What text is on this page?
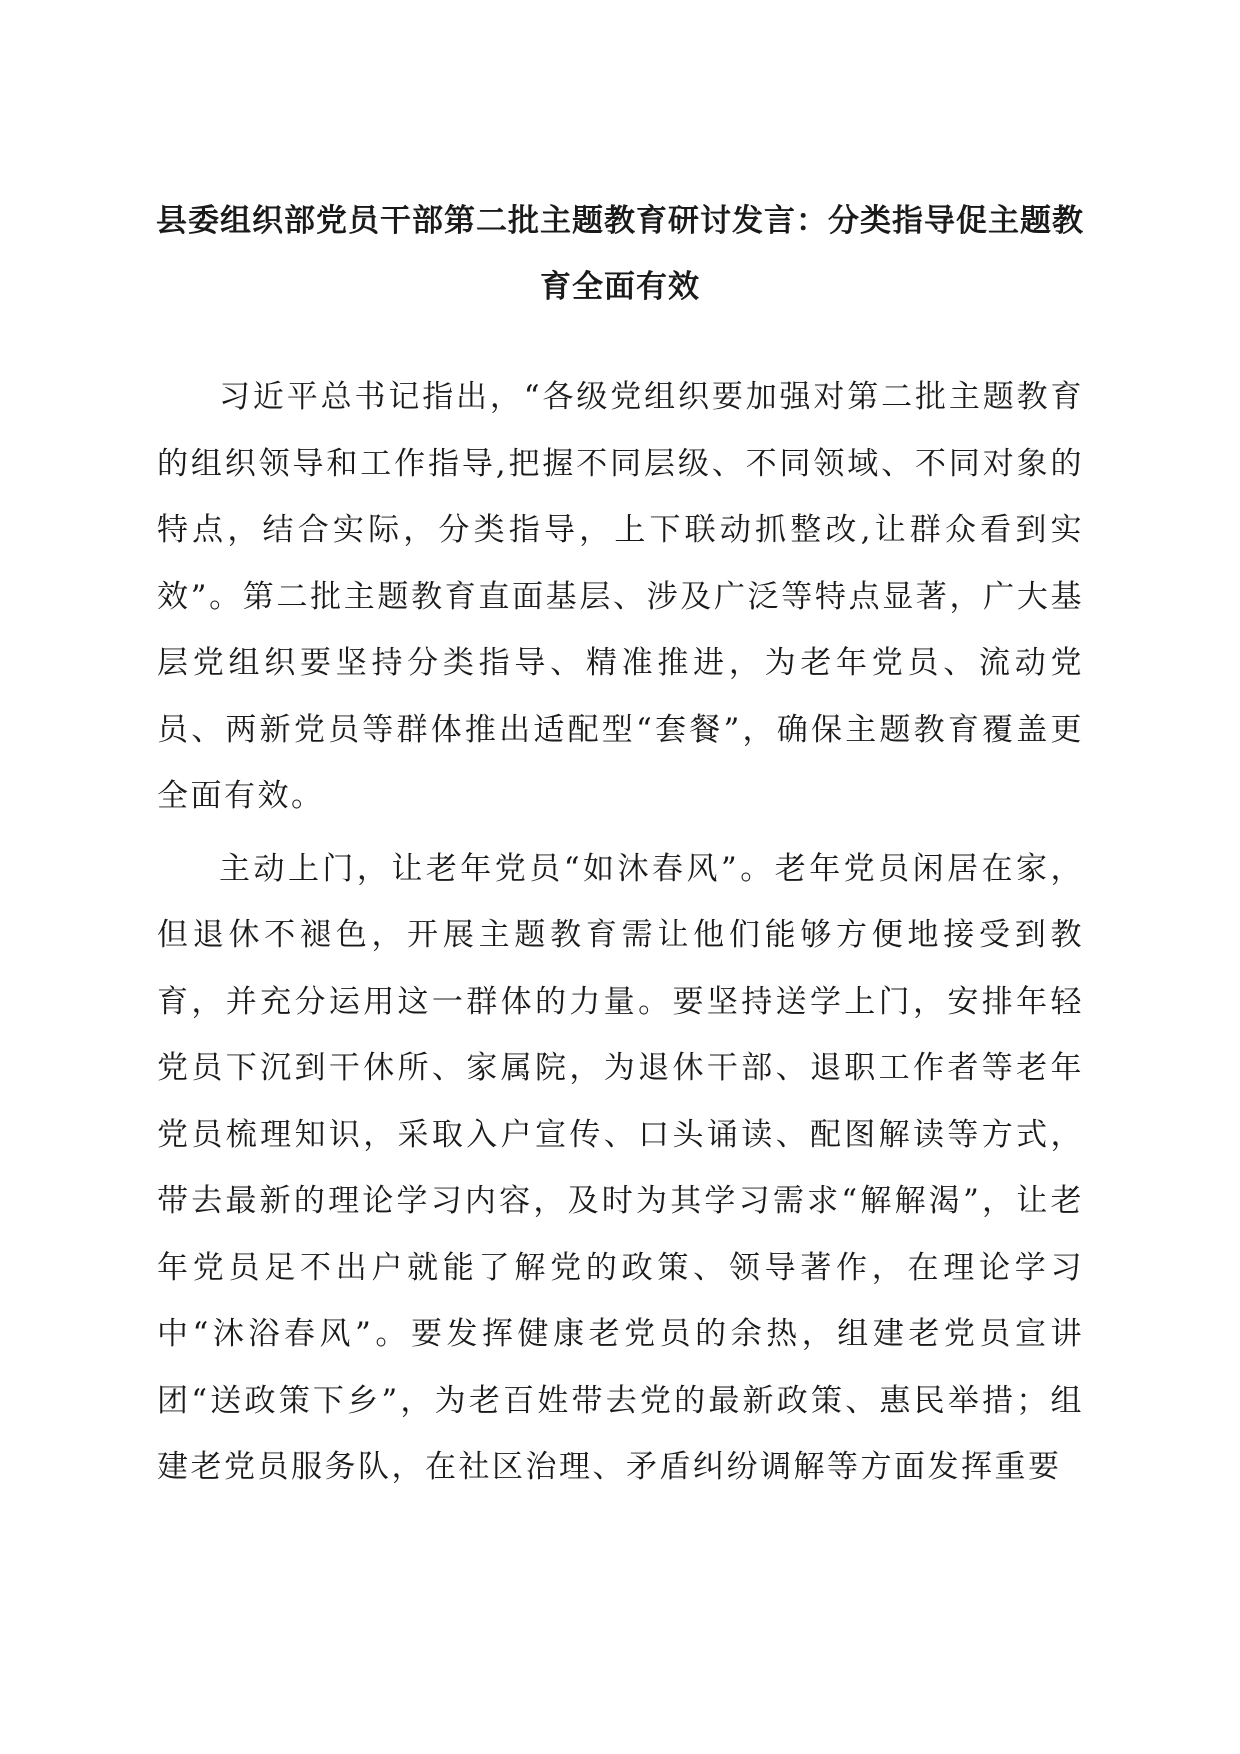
县委组织部党员干部第二批主题教育研讨发言：分类指导促主题教育全面有效

习近平总书记指出，“各级党组织要加强对第二批主题教育的组织领导和工作指导,把握不同层级、不同领域、不同对象的特点，结合实际，分类指导，上下联动抓整改,让群众看到实效”。第二批主题教育直面基层、涉及广泛等特点显著，广大基层党组织要坚持分类指导、精准推进，为老年党员、流动党员、两新党员等群体推出适配型“套餐”，确保主题教育覆盖更全面有效。

主动上门，让老年党员“如沐春风”。老年党员闲居在家，但退休不褪色，开展主题教育需让他们能够方便地接受到教育，并充分运用这一群体的力量。要坚持送学上门，安排年轻党员下沉到干休所、家属院，为退休干部、退职工作者等老年党员梳理知识，采取入户宣传、口头诵读、配图解读等方式，带去最新的理论学习内容，及时为其学习需求“解解渴”，让老年党员足不出户就能了解党的政策、领导著作，在理论学习中“沐浴春风”。要发挥健康老党员的余热，组建老党员宣讲团“送政策下乡”，为老百姓带去党的最新政策、惠民举措；组建老党员服务队，在社区治理、矛盾纠纷调解等方面发挥重要
